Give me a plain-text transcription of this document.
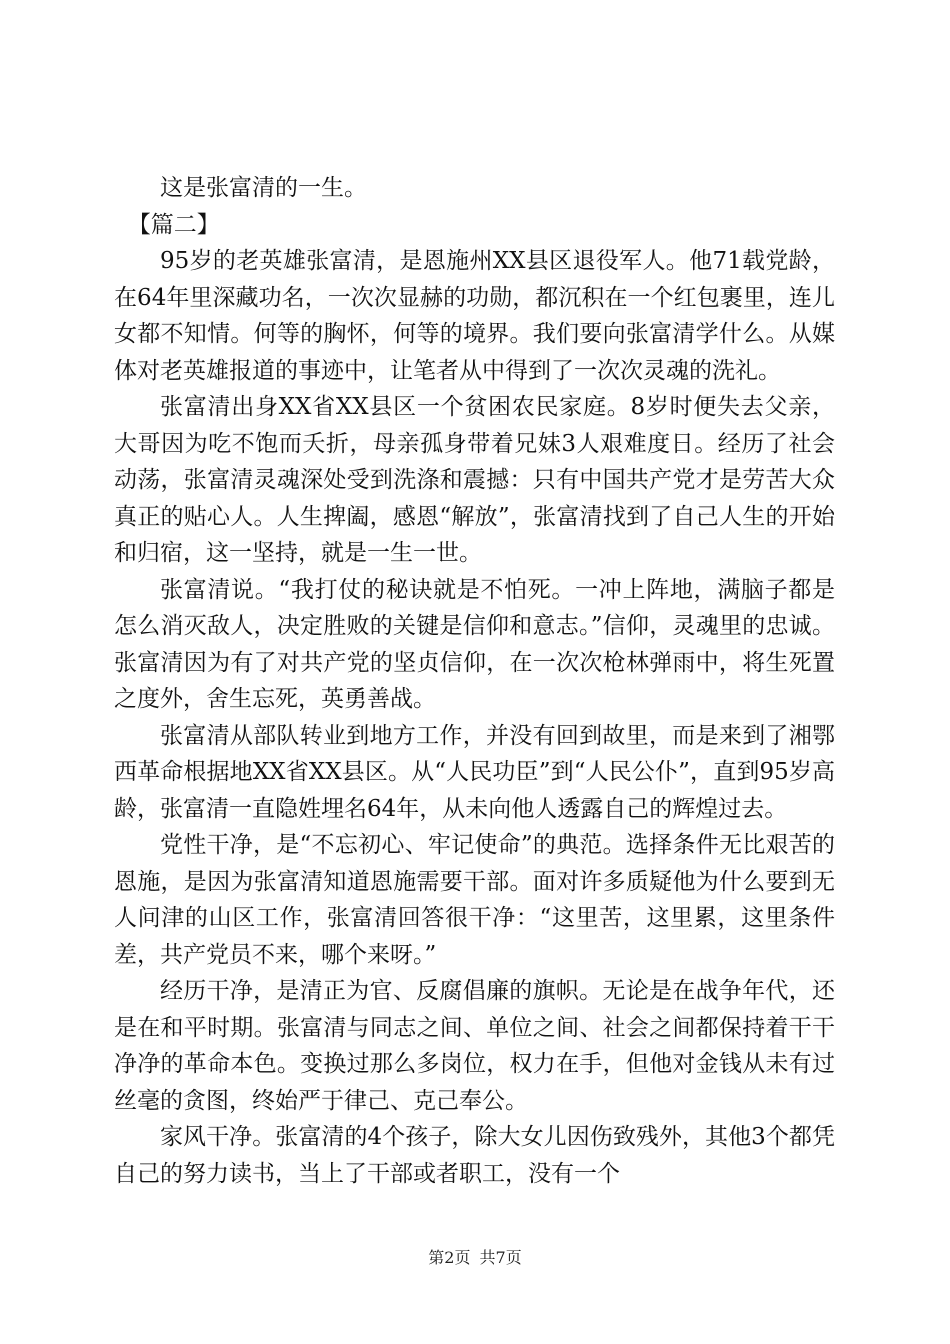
这是张富清的一生。

【篇二】

95岁的老英雄张富清，是恩施州XX县区退役军人。他71载党龄，在64年里深藏功名，一次次显赫的功勋，都沉积在一个红包裹里，连儿女都不知情。何等的胸怀，何等的境界。我们要向张富清学什么。从媒体对老英雄报道的事迹中，让笔者从中得到了一次次灵魂的洗礼。

张富清出身XX省XX县区一个贫困农民家庭。8岁时便失去父亲，大哥因为吃不饱而夭折，母亲孤身带着兄妹3人艰难度日。经历了社会动荡，张富清灵魂深处受到洗涤和震撼：只有中国共产党才是劳苦大众真正的贴心人。人生捭阖，感恩“解放”，张富清找到了自己人生的开始和归宿，这一坚持，就是一生一世。

张富清说。“我打仗的秘诀就是不怕死。一冲上阵地，满脑子都是怎么消灭敌人，决定胜败的关键是信仰和意志。”信仰，灵魂里的忠诚。张富清因为有了对共产党的坚贞信仰，在一次次枪林弹雨中，将生死置之度外，舍生忘死，英勇善战。

张富清从部队转业到地方工作，并没有回到故里，而是来到了湘鄂西革命根据地XX省XX县区。从“人民功臣”到“人民公仆”，直到95岁高龄，张富清一直隐姓埋名64年，从未向他人透露自己的辉煌过去。

党性干净，是“不忘初心、牢记使命”的典范。选择条件无比艰苦的恩施，是因为张富清知道恩施需要干部。面对许多质疑他为什么要到无人问津的山区工作，张富清回答很干净：“这里苦，这里累，这里条件差，共产党员不来，哪个来呀。”

经历干净，是清正为官、反腐倡廉的旗帜。无论是在战争年代，还是在和平时期。张富清与同志之间、单位之间、社会之间都保持着干干净净的革命本色。变换过那么多岗位，权力在手，但他对金钱从未有过丝毫的贪图，终始严于律己、克己奉公。

家风干净。张富清的4个孩子，除大女儿因伤致残外，其他3个都凭自己的努力读书，当上了干部或者职工，没有一个

第2页 共7页
